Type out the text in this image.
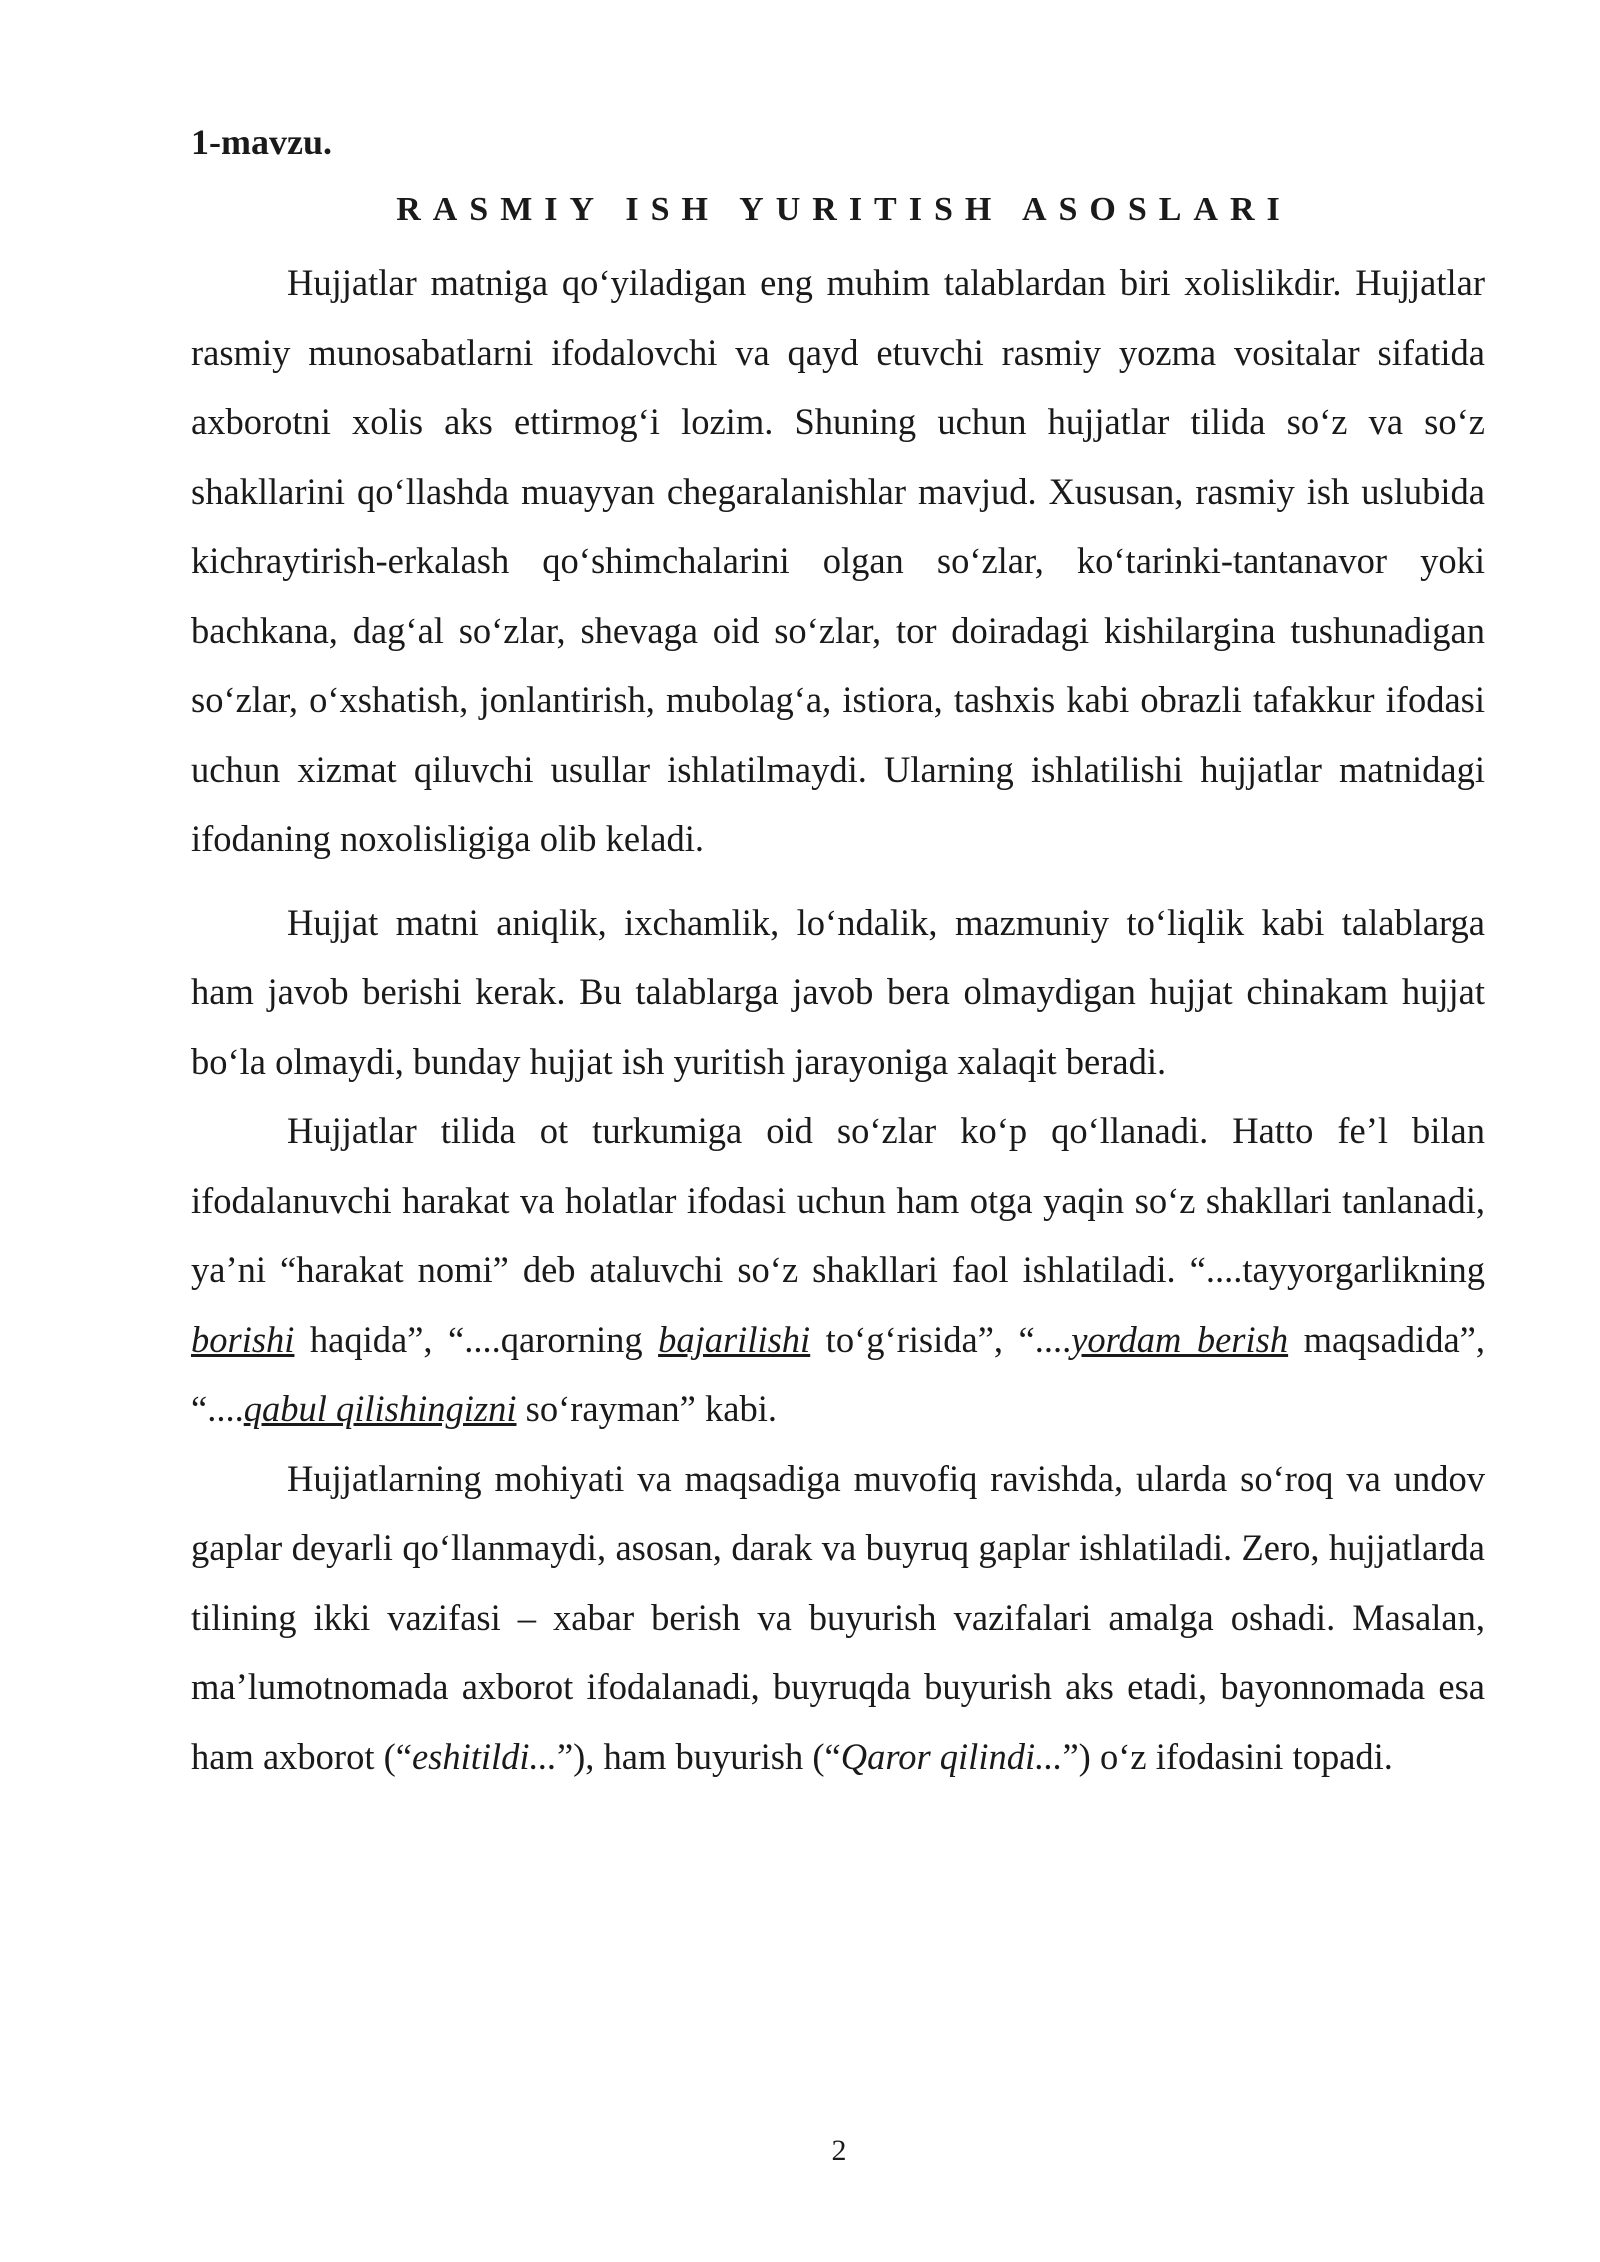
1-mavzu.

RASMIY ISH YURITISH ASOSLARI

Hujjatlar matniga qo‘yiladigan eng muhim talablardan biri xolislikdir. Hujjatlar rasmiy munosabatlarni ifodalovchi va qayd etuvchi rasmiy yozma vositalar sifatida axborotni xolis aks ettirmog‘i lozim. Shuning uchun hujjatlar tilida so‘z va so‘z shakllarini qo‘llashda muayyan chegaralanishlar mavjud. Xususan, rasmiy ish uslubida kichraytirish-erkalash qo‘shimchalarini olgan so‘zlar, ko‘tarinki-tantanavor yoki bachkana, dag‘al so‘zlar, shevaga oid so‘zlar, tor doiradagi kishilargina tushunadigan so‘zlar, o‘xshatish, jonlantirish, mubolag‘a, istiora, tashxis kabi obrazli tafakkur ifodasi uchun xizmat qiluvchi usullar ishlatilmaydi. Ularning ishlatilishi hujjatlar matnidagi ifodaning noxolisligiga olib keladi.

Hujjat matni aniqlik, ixchamlik, lo‘ndalik, mazmuniy to‘liqlik kabi talablarga ham javob berishi kerak. Bu talablarga javob bera olmaydigan hujjat chinakam hujjat bo‘la olmaydi, bunday hujjat ish yuritish jarayoniga xalaqit beradi.

Hujjatlar tilida ot turkumiga oid so‘zlar ko‘p qo‘llanadi. Hatto fe’l bilan ifodalanuvchi harakat va holatlar ifodasi uchun ham otga yaqin so‘z shakllari tanlanadi, ya’ni “harakat nomi” deb ataluvchi so‘z shakllari faol ishlatiladi. “....tayyorgarlikning borishi haqida”, “....qarorning bajarilishi to‘g‘risida”, “....yordam berish maqsadida”, “....qabul qilishingizni so‘rayman” kabi.

Hujjatlarning mohiyati va maqsadiga muvofiq ravishda, ularda so‘roq va undov gaplar deyarli qo‘llanmaydi, asosan, darak va buyruq gaplar ishlatiladi. Zero, hujjatlarda tilining ikki vazifasi – xabar berish va buyurish vazifalari amalga oshadi. Masalan, ma’lumotnomada axborot ifodalanadi, buyruqda buyurish aks etadi, bayonnomada esa ham axborot (“eshitildi...”), ham buyurish (“Qaror qilindi...”) o‘z ifodasini topadi.

2
